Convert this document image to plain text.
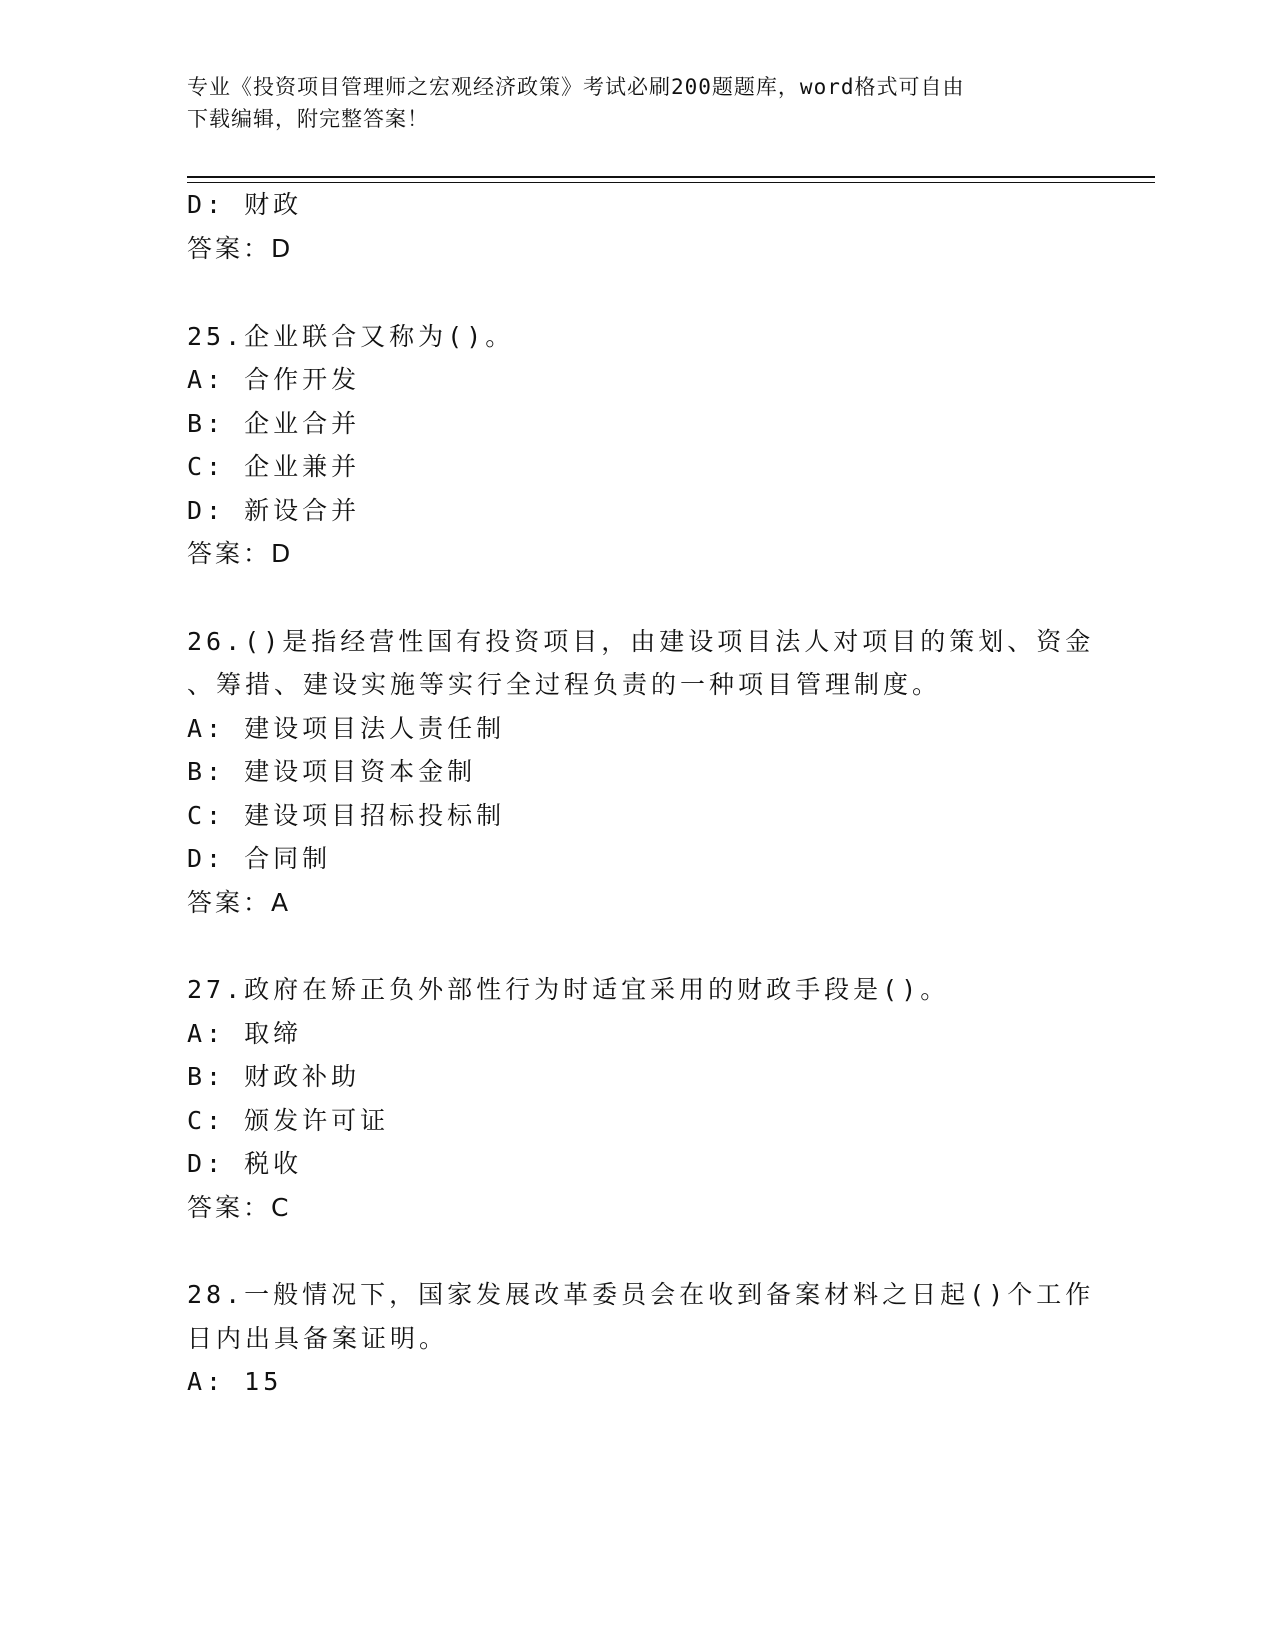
专业《投资项目管理师之宏观经济政策》考试必刷200题题库，word格式可自由
下载编辑，附完整答案！
D: 财政
答案：D
25.企业联合又称为()。
A: 合作开发
B: 企业合并
C: 企业兼并
D: 新设合并
答案：D
26.()是指经营性国有投资项目，由建设项目法人对项目的策划、资金
、筹措、建设实施等实行全过程负责的一种项目管理制度。
A: 建设项目法人责任制
B: 建设项目资本金制
C: 建设项目招标投标制
D: 合同制
答案：A
27.政府在矫正负外部性行为时适宜采用的财政手段是()。
A: 取缔
B: 财政补助
C: 颁发许可证
D: 税收
答案：C
28.一般情况下，国家发展改革委员会在收到备案材料之日起()个工作
日内出具备案证明。
A: 15
